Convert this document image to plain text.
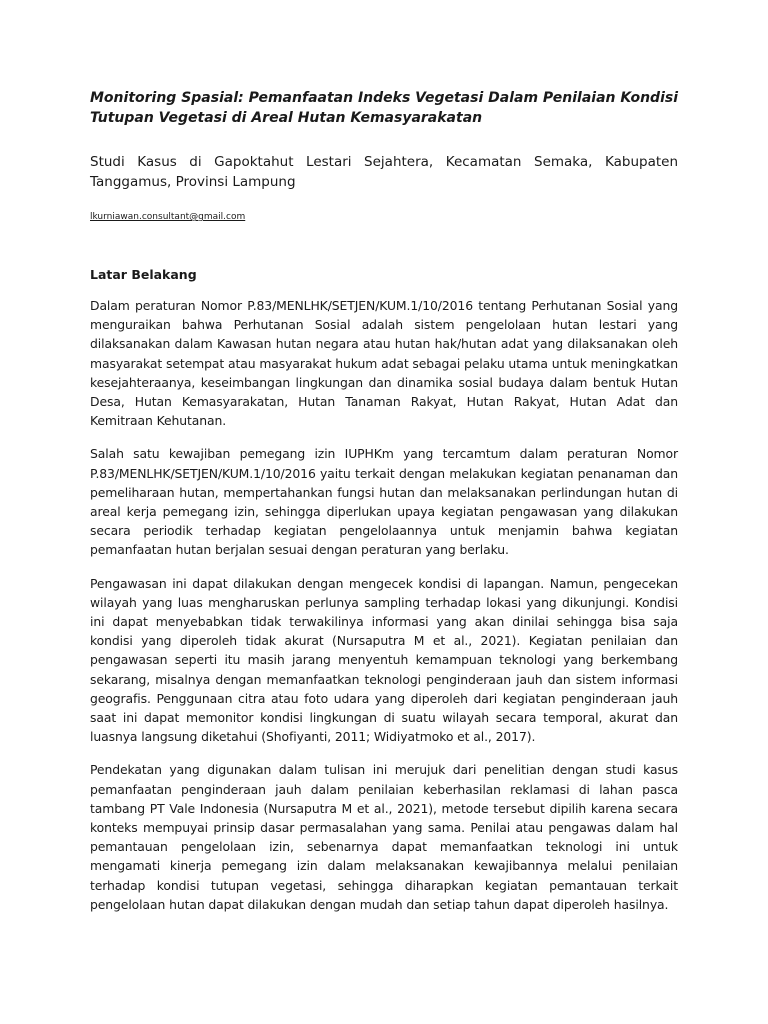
Monitoring Spasial: Pemanfaatan Indeks Vegetasi Dalam Penilaian Kondisi Tutupan Vegetasi di Areal Hutan Kemasyarakatan

Studi Kasus di Gapoktahut Lestari Sejahtera, Kecamatan Semaka, Kabupaten Tanggamus, Provinsi Lampung

lkurniawan.consultant@gmail.com
Latar Belakang

Dalam peraturan Nomor P.83/MENLHK/SETJEN/KUM.1/10/2016 tentang Perhutanan Sosial yang menguraikan bahwa Perhutanan Sosial adalah sistem pengelolaan hutan lestari yang dilaksanakan dalam Kawasan hutan negara atau hutan hak/hutan adat yang dilaksanakan oleh masyarakat setempat atau masyarakat hukum adat sebagai pelaku utama untuk meningkatkan kesejahteraanya, keseimbangan lingkungan dan dinamika sosial budaya dalam bentuk Hutan Desa, Hutan Kemasyarakatan, Hutan Tanaman Rakyat, Hutan Rakyat, Hutan Adat dan Kemitraan Kehutanan.

Salah satu kewajiban pemegang izin IUPHKm yang tercamtum dalam peraturan Nomor P.83/MENLHK/SETJEN/KUM.1/10/2016 yaitu terkait dengan melakukan kegiatan penanaman dan pemeliharaan hutan, mempertahankan fungsi hutan dan melaksanakan perlindungan hutan di areal kerja pemegang izin, sehingga diperlukan upaya kegiatan pengawasan yang dilakukan secara periodik terhadap kegiatan pengelolaannya untuk menjamin bahwa kegiatan pemanfaatan hutan berjalan sesuai dengan peraturan yang berlaku.

Pengawasan ini dapat dilakukan dengan mengecek kondisi di lapangan. Namun, pengecekan wilayah yang luas mengharuskan perlunya sampling terhadap lokasi yang dikunjungi. Kondisi ini dapat menyebabkan tidak terwakilinya informasi yang akan dinilai sehingga bisa saja kondisi yang diperoleh tidak akurat (Nursaputra M et al., 2021). Kegiatan penilaian dan pengawasan seperti itu masih jarang menyentuh kemampuan teknologi yang berkembang sekarang, misalnya dengan memanfaatkan teknologi penginderaan jauh dan sistem informasi geografis. Penggunaan citra atau foto udara yang diperoleh dari kegiatan penginderaan jauh saat ini dapat memonitor kondisi lingkungan di suatu wilayah secara temporal, akurat dan luasnya langsung diketahui (Shofiyanti, 2011; Widiyatmoko et al., 2017).

Pendekatan yang digunakan dalam tulisan ini merujuk dari penelitian dengan studi kasus pemanfaatan penginderaan jauh dalam penilaian keberhasilan reklamasi di lahan pasca tambang PT Vale Indonesia (Nursaputra M et al., 2021), metode tersebut dipilih karena secara konteks mempuyai prinsip dasar permasalahan yang sama. Penilai atau pengawas dalam hal pemantauan pengelolaan izin, sebenarnya dapat memanfaatkan teknologi ini untuk mengamati kinerja pemegang izin dalam melaksanakan kewajibannya melalui penilaian terhadap kondisi tutupan vegetasi, sehingga diharapkan kegiatan pemantauan terkait pengelolaan hutan dapat dilakukan dengan mudah dan setiap tahun dapat diperoleh hasilnya.
